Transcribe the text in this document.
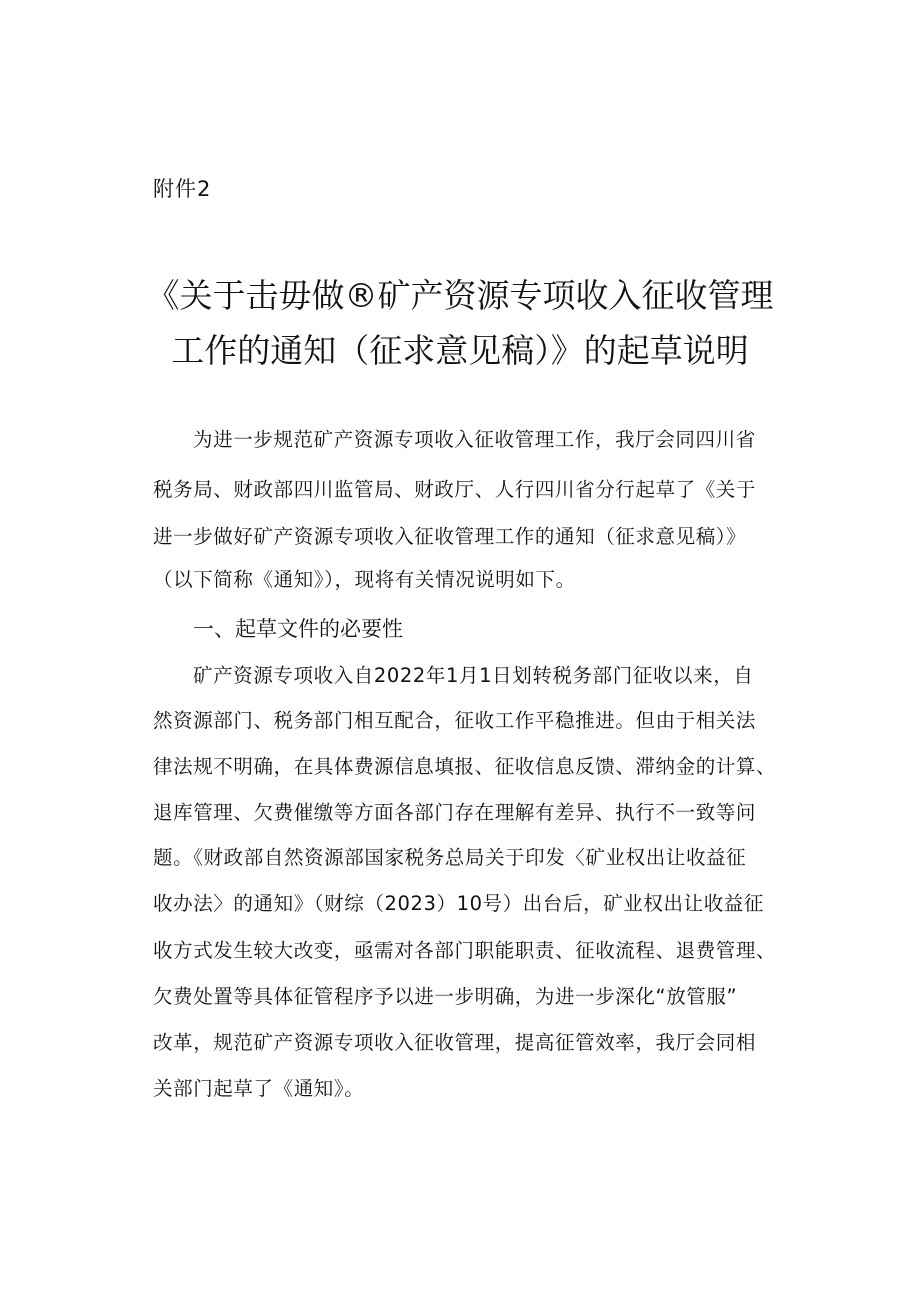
附件2
《关于击毋做®矿产资源专项收入征收管理
工作的通知（征求意见稿）》的起草说明
为进一步规范矿产资源专项收入征收管理工作，我厅会同四川省
税务局、财政部四川监管局、财政厅、人行四川省分行起草了《关于
进一步做好矿产资源专项收入征收管理工作的通知（征求意见稿）》
（以下简称《通知》），现将有关情况说明如下。
一、起草文件的必要性
矿产资源专项收入自2022年1月1日划转税务部门征收以来，自
然资源部门、税务部门相互配合，征收工作平稳推进。但由于相关法
律法规不明确，在具体费源信息填报、征收信息反馈、滞纳金的计算、
退库管理、欠费催缴等方面各部门存在理解有差异、执行不一致等问
题。《财政部自然资源部国家税务总局关于印发〈矿业权出让收益征
收办法〉的通知》（财综（2023）10号）出台后，矿业权出让收益征
收方式发生较大改变，亟需对各部门职能职责、征收流程、退费管理、
欠费处置等具体征管程序予以进一步明确，为进一步深化“放管服”
改革，规范矿产资源专项收入征收管理，提高征管效率，我厅会同相
关部门起草了《通知》。
